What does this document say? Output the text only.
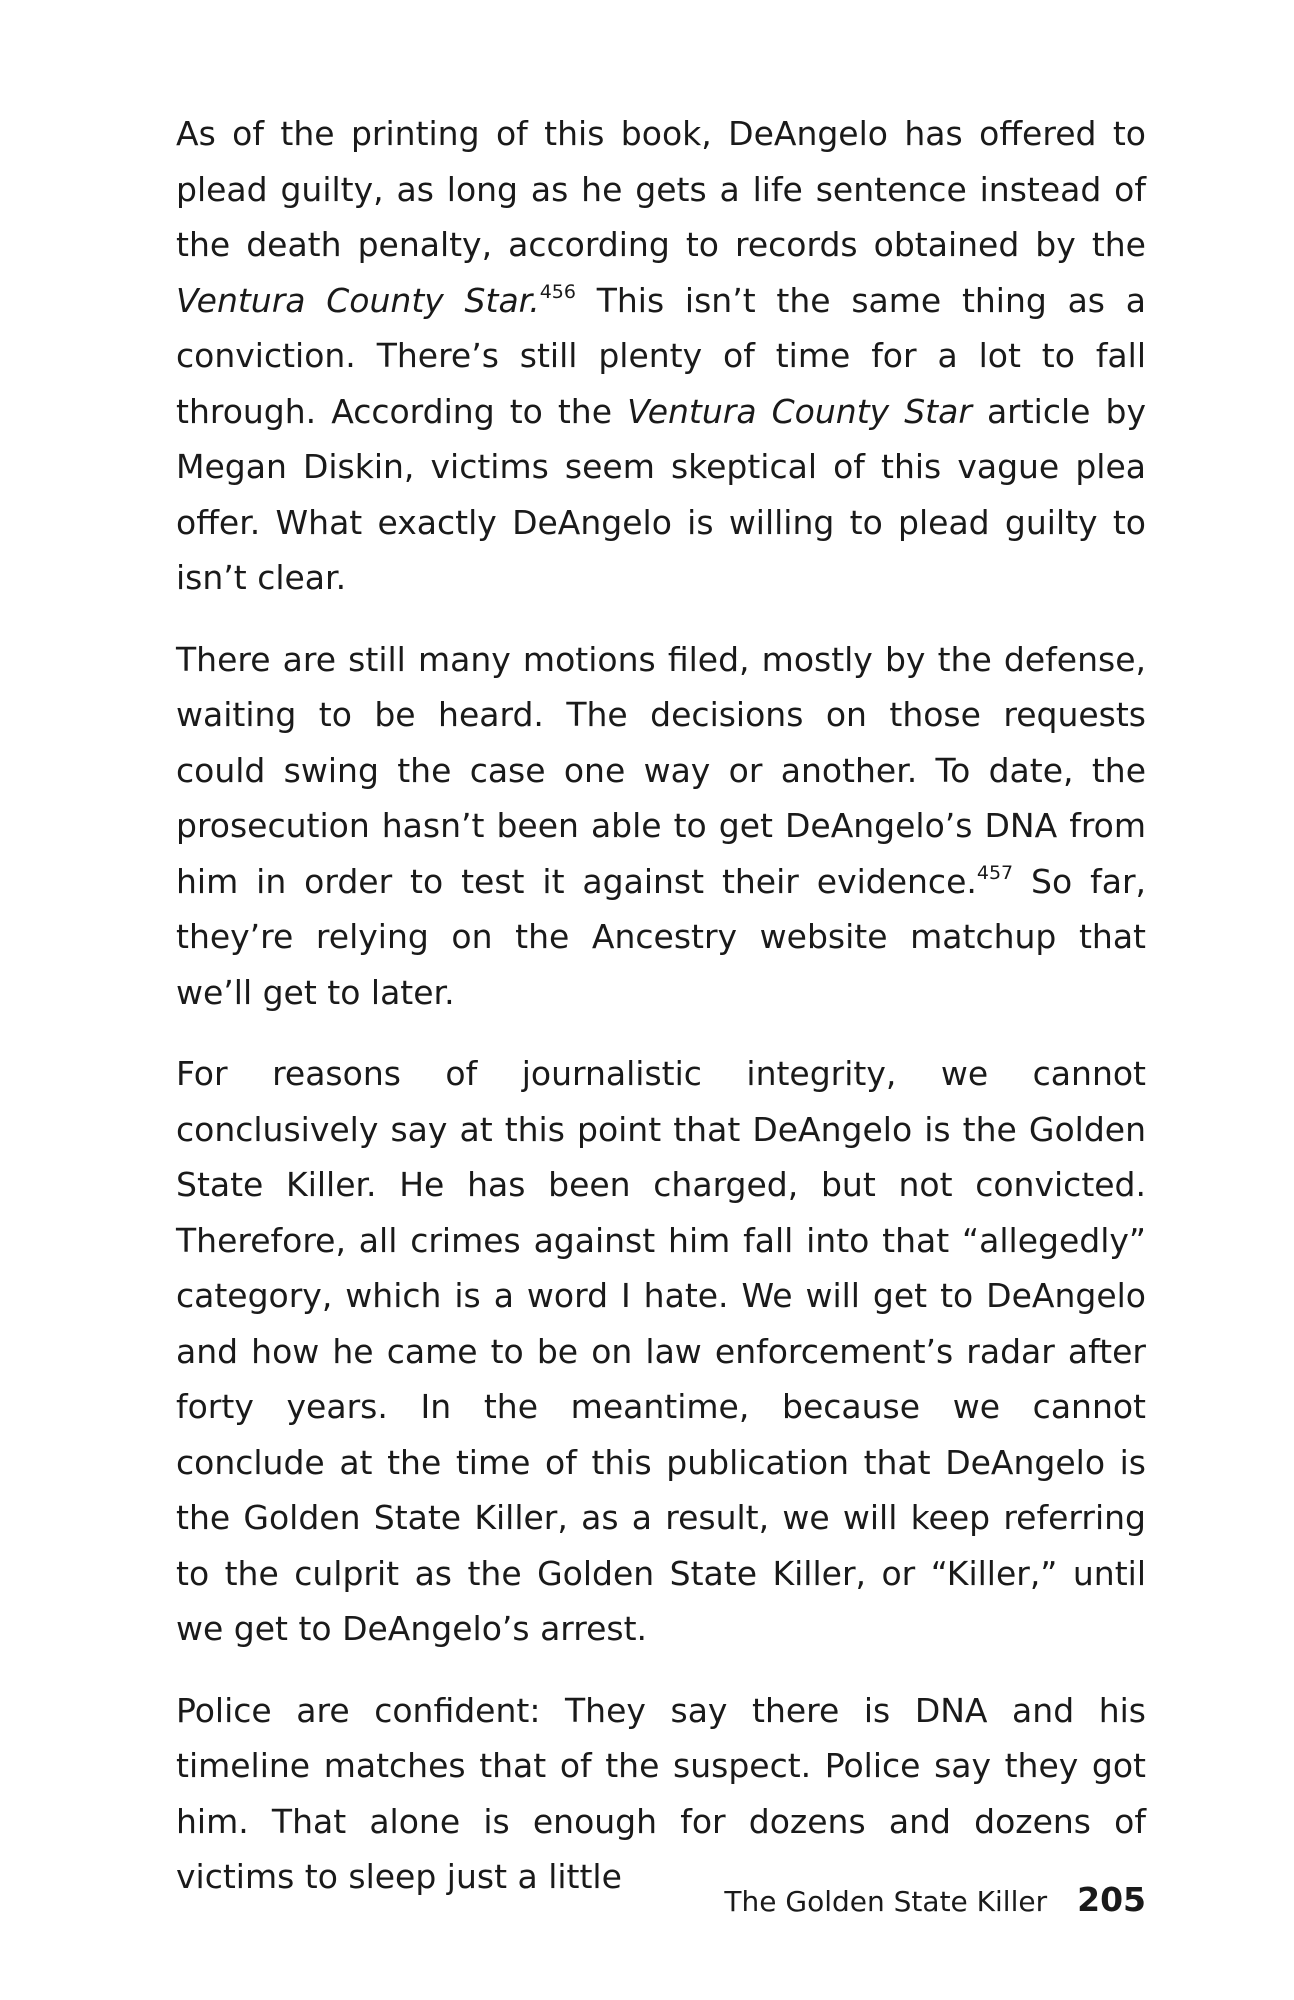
As of the printing of this book, DeAngelo has offered to plead guilty, as long as he gets a life sentence instead of the death penalty, according to records obtained by the Ventura County Star.$^{456}$ This isn’t the same thing as a conviction. There’s still plenty of time for a lot to fall through. According to the Ventura County Star article by Megan Diskin, victims seem skeptical of this vague plea offer. What exactly DeAngelo is willing to plead guilty to isn’t clear.

There are still many motions filed, mostly by the defense, waiting to be heard. The decisions on those requests could swing the case one way or another. To date, the prosecution hasn’t been able to get DeAngelo’s DNA from him in order to test it against their evidence.$^{457}$ So far, they’re relying on the Ancestry website matchup that we’ll get to later.

For reasons of journalistic integrity, we cannot conclusively say at this point that DeAngelo is the Golden State Killer. He has been charged, but not convicted. Therefore, all crimes against him fall into that “allegedly” category, which is a word I hate. We will get to DeAngelo and how he came to be on law enforcement’s radar after forty years. In the meantime, because we cannot conclude at the time of this publication that DeAngelo is the Golden State Killer, as a result, we will keep referring to the culprit as the Golden State Killer, or “Killer,” until we get to DeAngelo’s arrest.

Police are confident: They say there is DNA and his timeline matches that of the suspect. Police say they got him. That alone is enough for dozens and dozens of victims to sleep just a little

The Golden State Killer 205
